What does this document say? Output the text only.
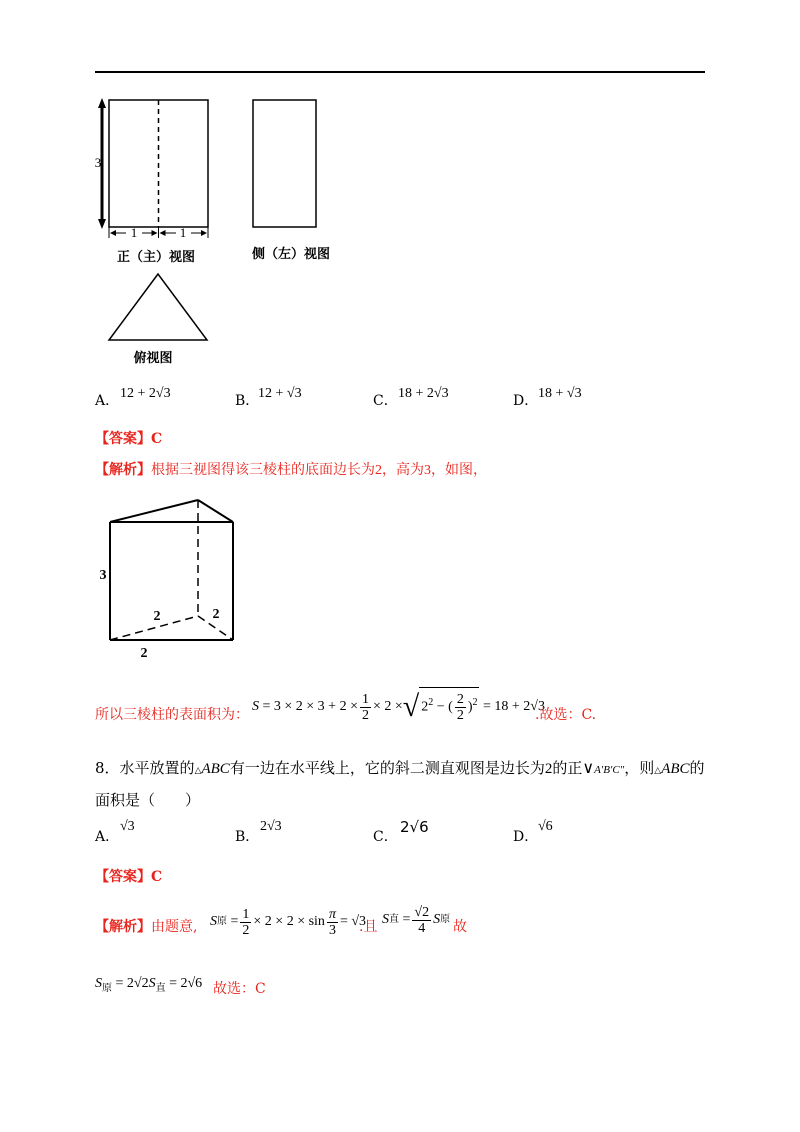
3
1	1
正（主）视图	侧（左）视图
俯视图
A． 12 + 2√3	B．
12 + √3	C． 18 + 2√3	D． 18 + √3
【答案】C
【解析】根据三视图得该三棱柱的底面边长为2，高为3，如图，
3
2	2
2
所以三棱柱的表面积为：
$S = 3 \times 2 \times 3 + 2 \times \frac{1}{2} \times 2$ × √ $2^2$ − ( $\frac{2}{2} )^2 = 18 + 2√3$
.故选：C.
8．水平放置的△ABC有一边在水平线上，它的斜二测直观图是边长为2的正∨A′B′C″，则△ABC的
面积是（　　）
A．
√3
B．
2√3
C．
2√6
D．
√6
【答案】C
【解析】由题意, S 原 = $\frac{1}{2} \times 2 \times 2 \times \sin \frac{\pi}{3} = √3$
.且 S 直 = $\frac{√2}{4}$ S 原 故
$S_原 = 2√2S_直 = 2√6$ 故选：C
